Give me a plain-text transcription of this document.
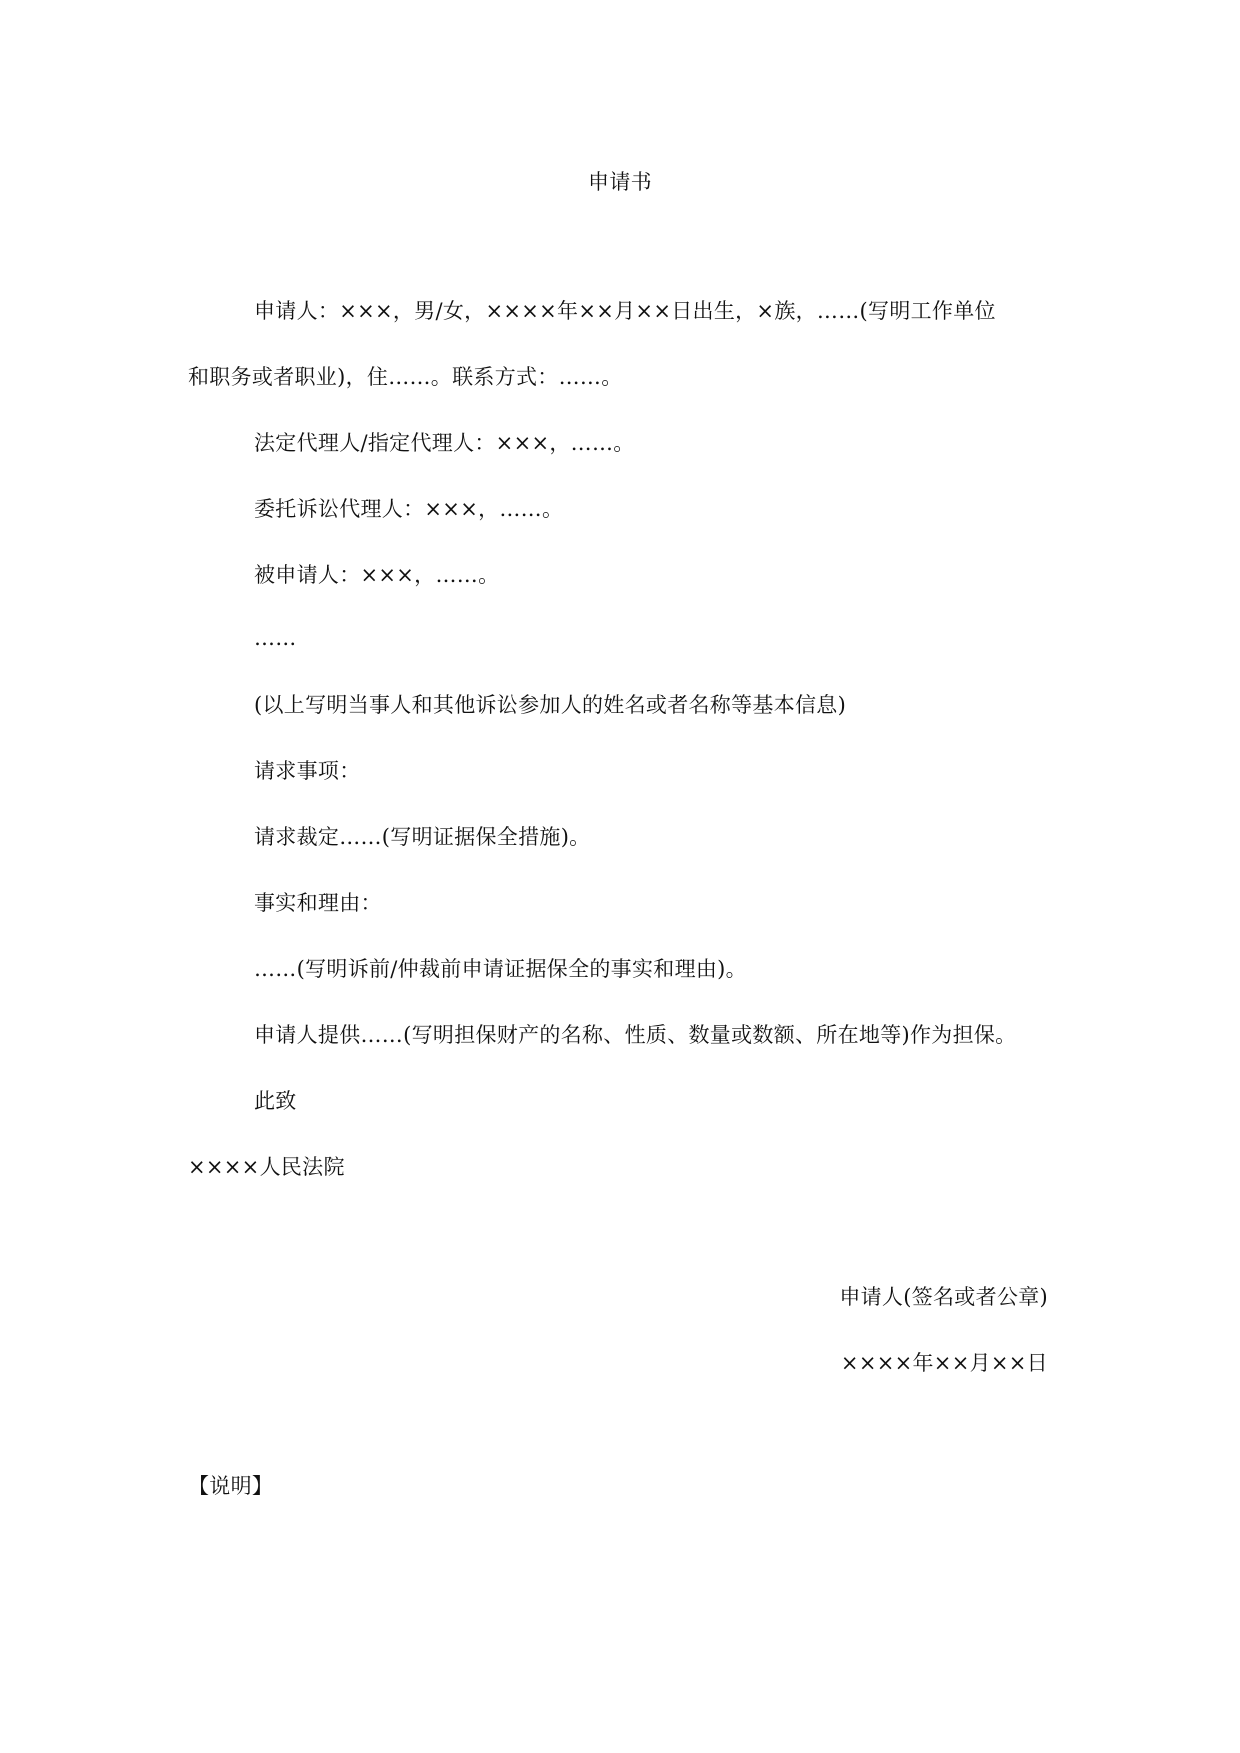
申请书
申请人：×××，男/女，××××年××月××日出生，×族，……(写明工作单位
和职务或者职业)，住……。联系方式：……。
法定代理人/指定代理人：×××，……。
委托诉讼代理人：×××，……。
被申请人：×××，……。
……
(以上写明当事人和其他诉讼参加人的姓名或者名称等基本信息)
请求事项：
请求裁定……(写明证据保全措施)。
事实和理由：
……(写明诉前/仲裁前申请证据保全的事实和理由)。
申请人提供……(写明担保财产的名称、性质、数量或数额、所在地等)作为担保。
此致
××××人民法院
申请人(签名或者公章)
××××年××月××日
【说明】
